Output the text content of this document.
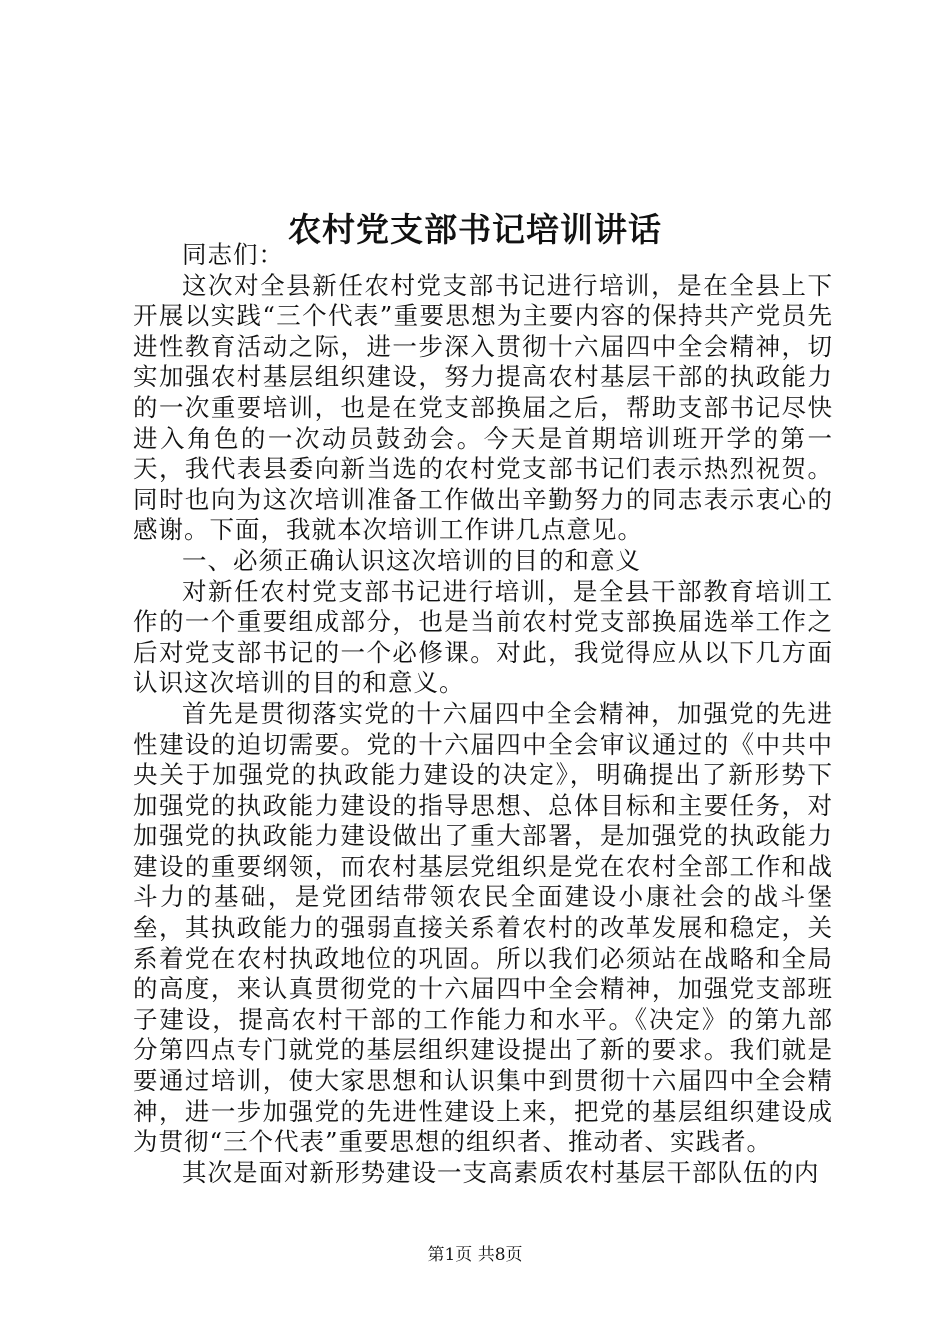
农村党支部书记培训讲话

同志们：

这次对全县新任农村党支部书记进行培训，是在全县上下开展以实践“三个代表”重要思想为主要内容的保持共产党员先进性教育活动之际，进一步深入贯彻十六届四中全会精神，切实加强农村基层组织建设，努力提高农村基层干部的执政能力的一次重要培训，也是在党支部换届之后，帮助支部书记尽快进入角色的一次动员鼓劲会。今天是首期培训班开学的第一天，我代表县委向新当选的农村党支部书记们表示热烈祝贺。同时也向为这次培训准备工作做出辛勤努力的同志表示衷心的感谢。下面，我就本次培训工作讲几点意见。

一、必须正确认识这次培训的目的和意义

对新任农村党支部书记进行培训，是全县干部教育培训工作的一个重要组成部分，也是当前农村党支部换届选举工作之后对党支部书记的一个必修课。对此，我觉得应从以下几方面认识这次培训的目的和意义。

首先是贯彻落实党的十六届四中全会精神，加强党的先进性建设的迫切需要。党的十六届四中全会审议通过的《中共中央关于加强党的执政能力建设的决定》，明确提出了新形势下加强党的执政能力建设的指导思想、总体目标和主要任务，对加强党的执政能力建设做出了重大部署，是加强党的执政能力建设的重要纲领，而农村基层党组织是党在农村全部工作和战斗力的基础，是党团结带领农民全面建设小康社会的战斗堡垒，其执政能力的强弱直接关系着农村的改革发展和稳定，关系着党在农村执政地位的巩固。所以我们必须站在战略和全局的高度，来认真贯彻党的十六届四中全会精神，加强党支部班子建设，提高农村干部的工作能力和水平。《决定》的第九部分第四点专门就党的基层组织建设提出了新的要求。我们就是要通过培训，使大家思想和认识集中到贯彻十六届四中全会精神，进一步加强党的先进性建设上来，把党的基层组织建设成为贯彻“三个代表”重要思想的组织者、推动者、实践者。

其次是面对新形势建设一支高素质农村基层干部队伍的内

第1页 共8页
